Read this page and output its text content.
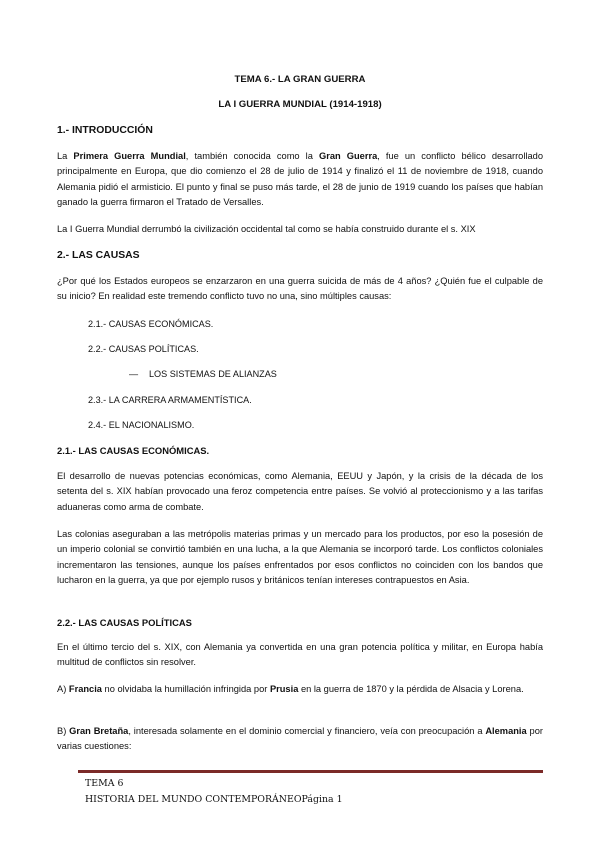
TEMA 6.- LA GRAN GUERRA
LA I GUERRA MUNDIAL (1914-1918)
1.- INTRODUCCIÓN
La Primera Guerra Mundial, también conocida como la Gran Guerra, fue un conflicto bélico desarrollado principalmente en Europa, que dio comienzo el 28 de julio de 1914 y finalizó el 11 de noviembre de 1918, cuando Alemania pidió el armisticio. El punto y final se puso más tarde, el 28 de junio de 1919 cuando los países que habían ganado la guerra firmaron el Tratado de Versalles.
La I Guerra Mundial derrumbó la civilización occidental tal como se había construido durante el s. XIX
2.- LAS CAUSAS
¿Por qué los Estados europeos se enzarzaron en una guerra suicida de más de 4 años? ¿Quién fue el culpable de su inicio? En realidad este tremendo conflicto tuvo no una, sino múltiples causas:
2.1.- CAUSAS ECONÓMICAS.
2.2.- CAUSAS POLÍTICAS.
— LOS SISTEMAS DE ALIANZAS
2.3.- LA CARRERA ARMAMENTÍSTICA.
2.4.- EL NACIONALISMO.
2.1.- LAS CAUSAS ECONÓMICAS.
El desarrollo de nuevas potencias económicas, como Alemania, EEUU y Japón, y la crisis de la década de los setenta del s. XIX habían provocado una feroz competencia entre países. Se volvió al proteccionismo y a las tarifas aduaneras como arma de combate.
Las colonias aseguraban a las metrópolis materias primas y un mercado para los productos, por eso la posesión de un imperio colonial se convirtió también en una lucha, a la que Alemania se incorporó tarde. Los conflictos coloniales incrementaron las tensiones, aunque los países enfrentados por esos conflictos no coinciden con los bandos que lucharon en la guerra, ya que por ejemplo rusos y británicos tenían intereses contrapuestos en Asia.
2.2.- LAS CAUSAS POLÍTICAS
En el último tercio del s. XIX, con Alemania ya convertida en una gran potencia política y militar, en Europa había multitud de conflictos sin resolver.
A) Francia no olvidaba la humillación infringida por Prusia en la guerra de 1870 y la pérdida de Alsacia y Lorena.
B) Gran Bretaña, interesada solamente en el dominio comercial y financiero, veía con preocupación a Alemania por varias cuestiones:
TEMA 6
HISTORIA DEL MUNDO CONTEMPORÁNEOPágina 1
